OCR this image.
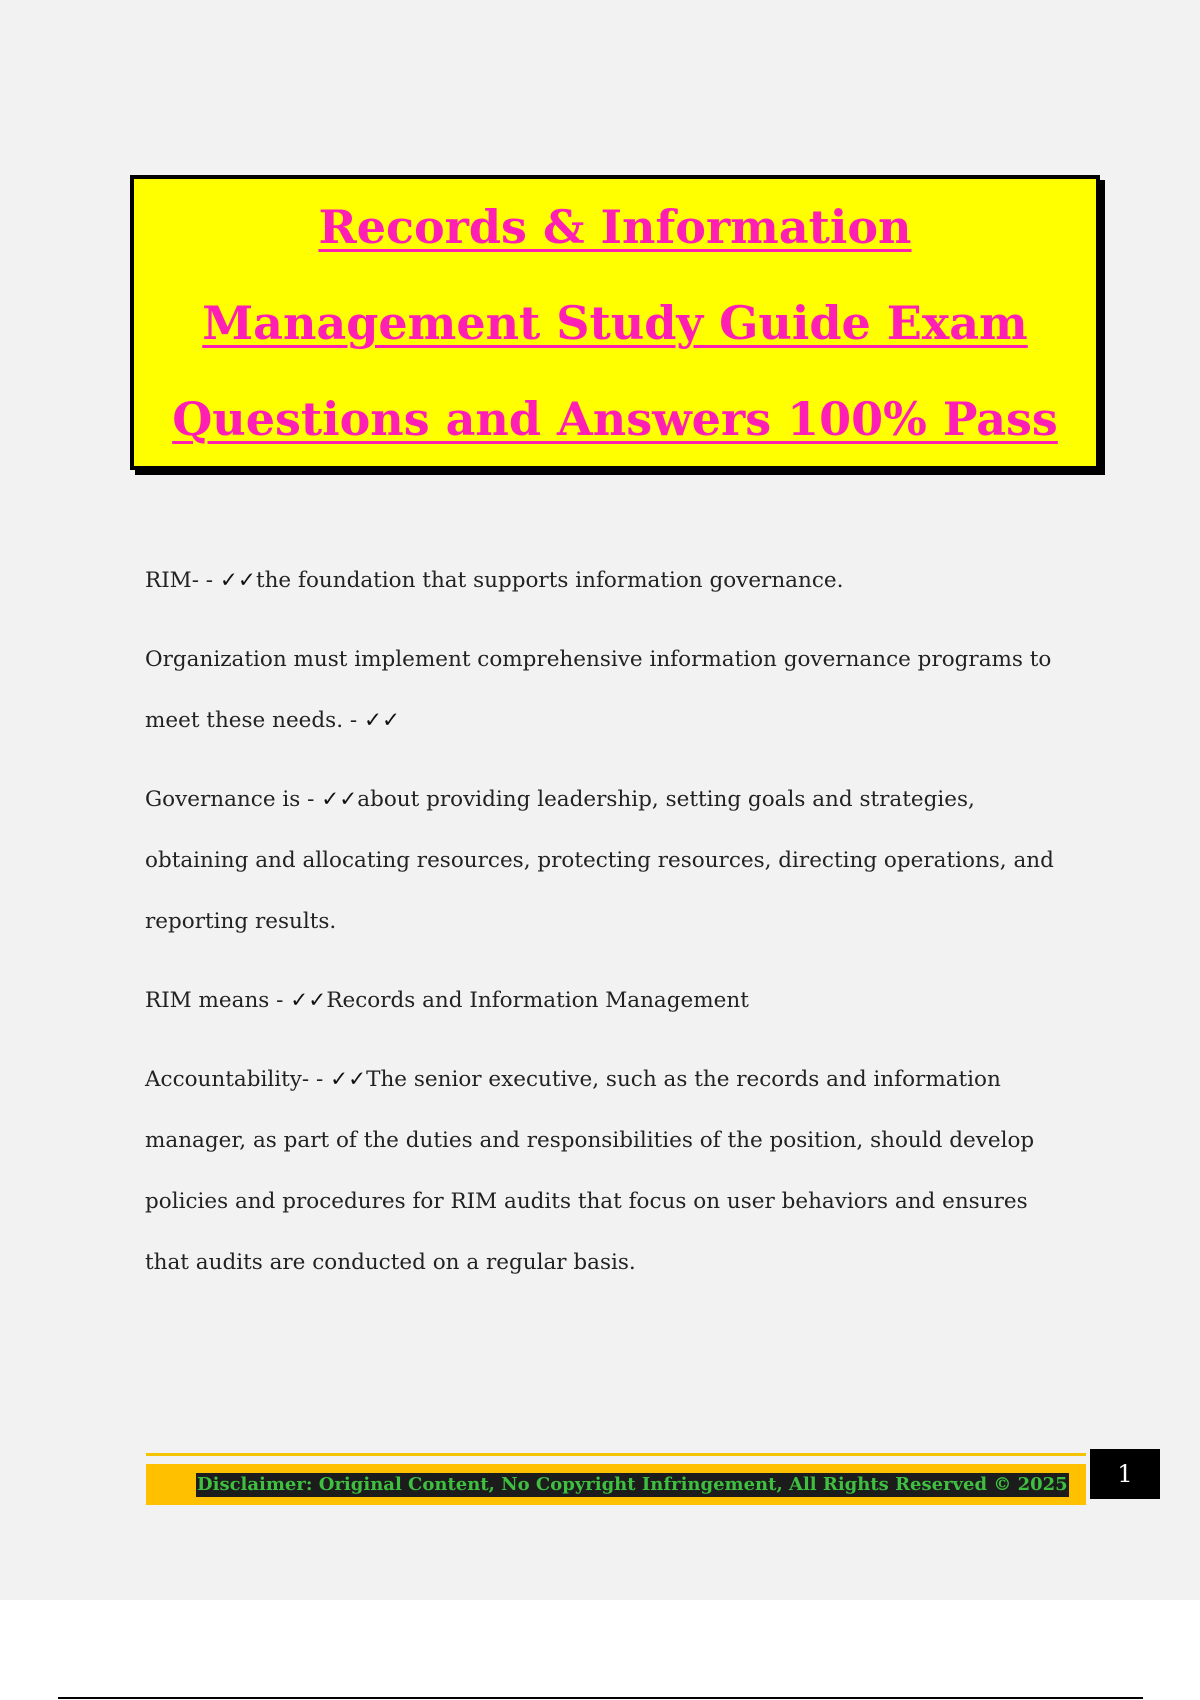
Records & Information Management Study Guide Exam Questions and Answers 100% Pass

RIM- - ✓✓the foundation that supports information governance.

Organization must implement comprehensive information governance programs to meet these needs. - ✓✓

Governance is - ✓✓about providing leadership, setting goals and strategies, obtaining and allocating resources, protecting resources, directing operations, and reporting results.

RIM means - ✓✓Records and Information Management

Accountability- - ✓✓The senior executive, such as the records and information manager, as part of the duties and responsibilities of the position, should develop policies and procedures for RIM audits that focus on user behaviors and ensures that audits are conducted on a regular basis.

Disclaimer: Original Content, No Copyright Infringement, All Rights Reserved © 2025	1
